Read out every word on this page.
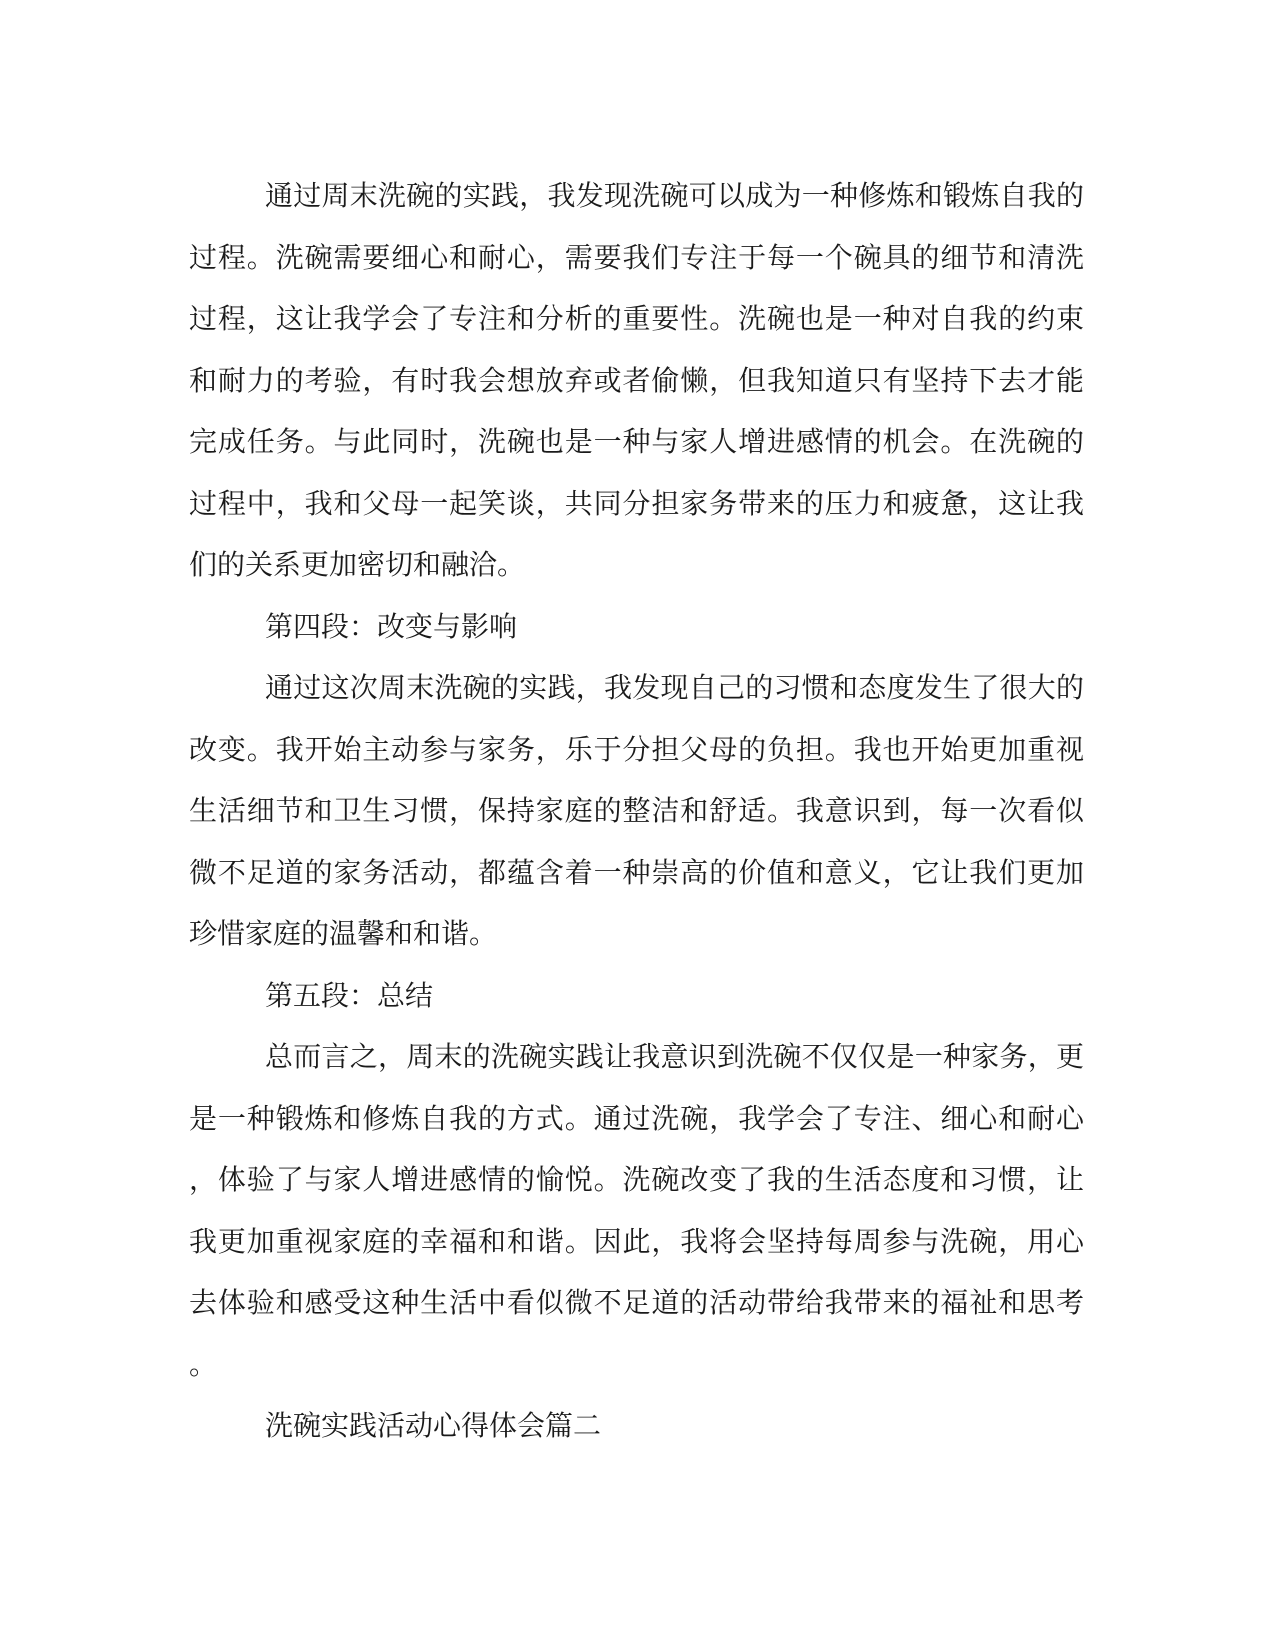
通过周末洗碗的实践，我发现洗碗可以成为一种修炼和锻炼自我的过程。洗碗需要细心和耐心，需要我们专注于每一个碗具的细节和清洗过程，这让我学会了专注和分析的重要性。洗碗也是一种对自我的约束和耐力的考验，有时我会想放弃或者偷懒，但我知道只有坚持下去才能完成任务。与此同时，洗碗也是一种与家人增进感情的机会。在洗碗的过程中，我和父母一起笑谈，共同分担家务带来的压力和疲惫，这让我们的关系更加密切和融洽。

第四段：改变与影响

通过这次周末洗碗的实践，我发现自己的习惯和态度发生了很大的改变。我开始主动参与家务，乐于分担父母的负担。我也开始更加重视生活细节和卫生习惯，保持家庭的整洁和舒适。我意识到，每一次看似微不足道的家务活动，都蕴含着一种崇高的价值和意义，它让我们更加珍惜家庭的温馨和和谐。

第五段：总结

总而言之，周末的洗碗实践让我意识到洗碗不仅仅是一种家务，更是一种锻炼和修炼自我的方式。通过洗碗，我学会了专注、细心和耐心，体验了与家人增进感情的愉悦。洗碗改变了我的生活态度和习惯，让我更加重视家庭的幸福和和谐。因此，我将会坚持每周参与洗碗，用心去体验和感受这种生活中看似微不足道的活动带给我带来的福祉和思考。

洗碗实践活动心得体会篇二
